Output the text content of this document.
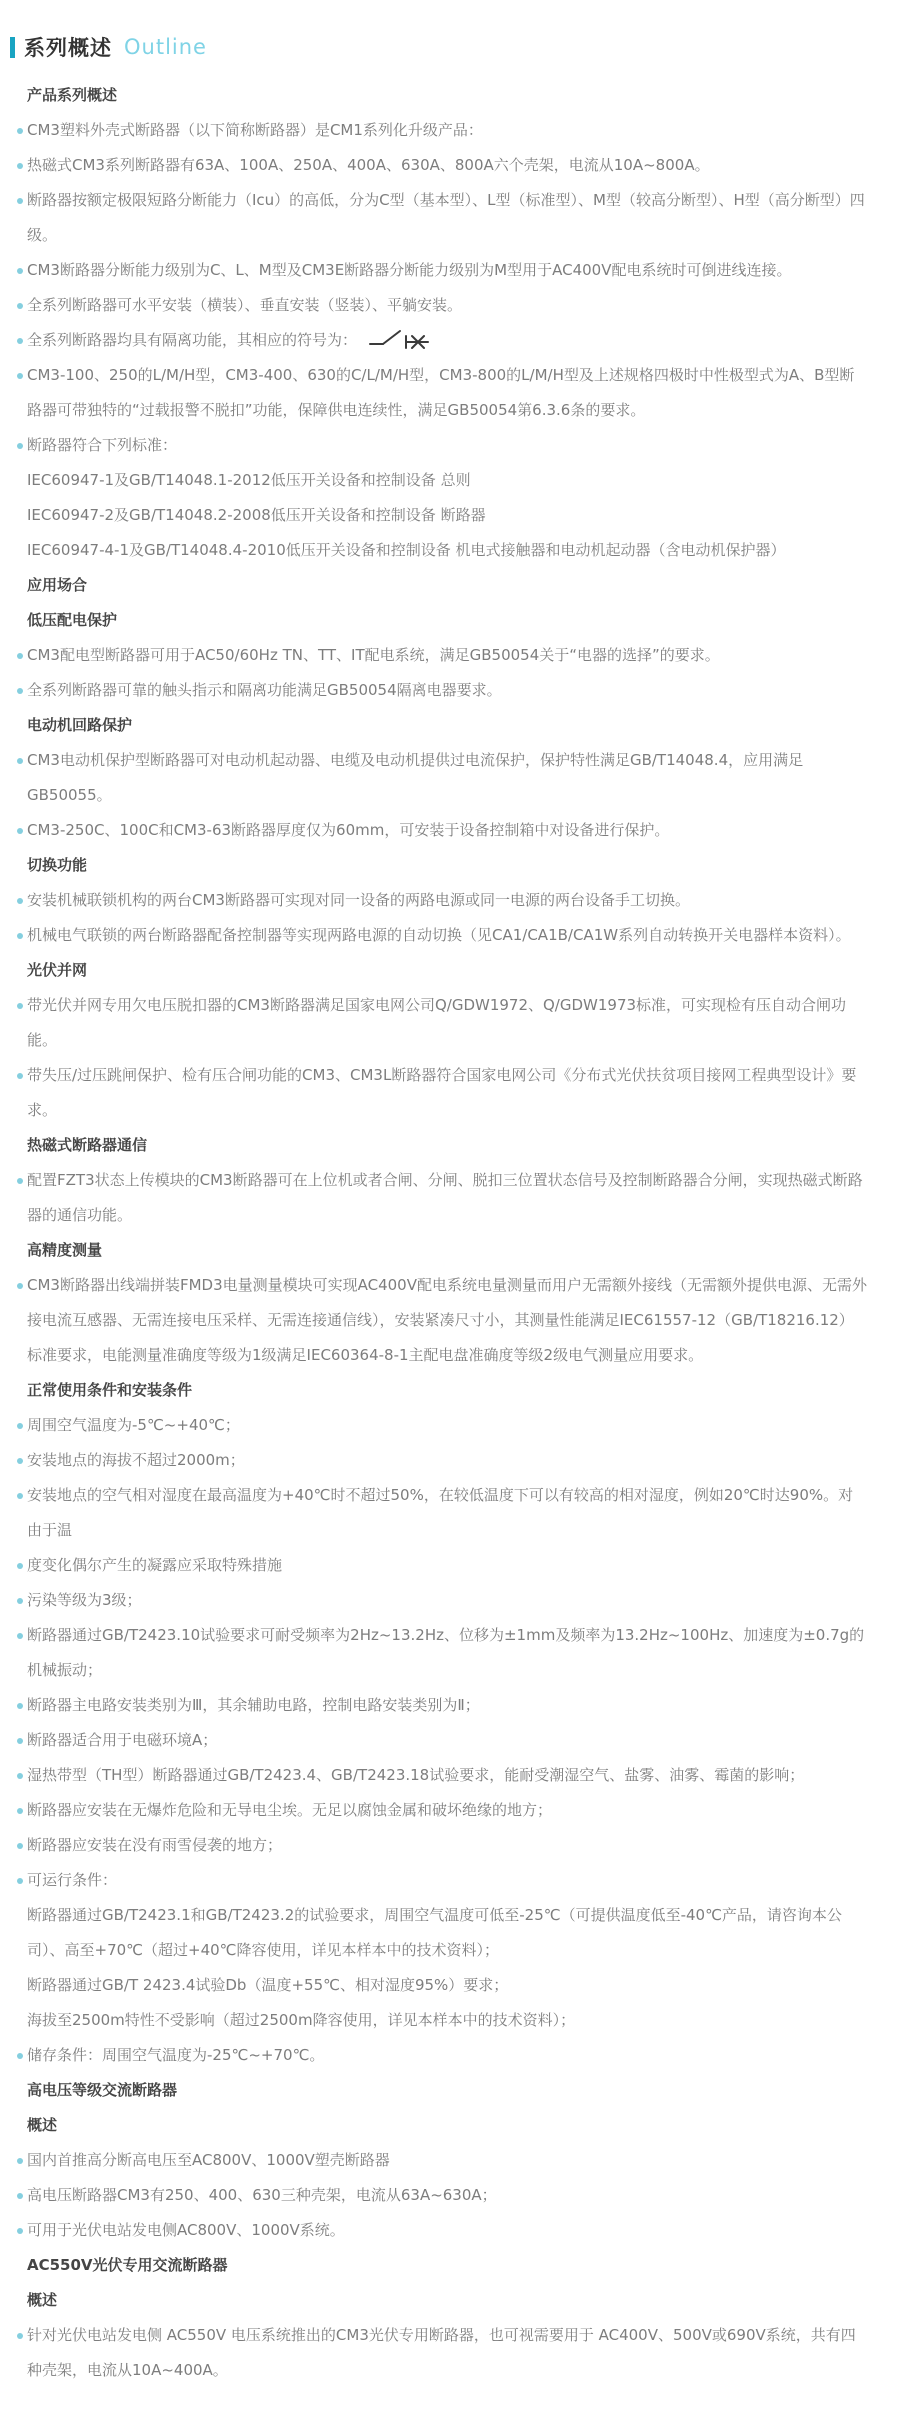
系列概述 Outline
产品系列概述

CM3塑料外壳式断路器（以下简称断路器）是CM1系列化升级产品：

热磁式CM3系列断路器有63A、100A、250A、400A、630A、800A六个壳架，电流从10A~800A。

断路器按额定极限短路分断能力（Icu）的高低，分为C型（基本型）、L型（标准型）、M型（较高分断型）、H型（高分断型）四级。

CM3断路器分断能力级别为C、L、M型及CM3E断路器分断能力级别为M型用于AC400V配电系统时可倒进线连接。

全系列断路器可水平安装（横装）、垂直安装（竖装）、平躺安装。

全系列断路器均具有隔离功能，其相应的符号为：

CM3-100、250的L/M/H型，CM3-400、630的C/L/M/H型，CM3-800的L/M/H型及上述规格四极时中性极型式为A、B型断路器可带独特的“过载报警不脱扣”功能，保障供电连续性，满足GB50054第6.3.6条的要求。

断路器符合下列标准：

IEC60947-1及GB/T14048.1-2012低压开关设备和控制设备 总则

IEC60947-2及GB/T14048.2-2008低压开关设备和控制设备 断路器

IEC60947-4-1及GB/T14048.4-2010低压开关设备和控制设备 机电式接触器和电动机起动器（含电动机保护器）

应用场合
低压配电保护

CM3配电型断路器可用于AC50/60Hz TN、TT、IT配电系统，满足GB50054关于“电器的选择”的要求。

全系列断路器可靠的触头指示和隔离功能满足GB50054隔离电器要求。

电动机回路保护

CM3电动机保护型断路器可对电动机起动器、电缆及电动机提供过电流保护，保护特性满足GB/T14048.4，应用满足GB50055。

CM3-250C、100C和CM3-63断路器厚度仅为60mm，可安装于设备控制箱中对设备进行保护。

切换功能

安装机械联锁机构的两台CM3断路器可实现对同一设备的两路电源或同一电源的两台设备手工切换。

机械电气联锁的两台断路器配备控制器等实现两路电源的自动切换（见CA1/CA1B/CA1W系列自动转换开关电器样本资料）。

光伏并网

带光伏并网专用欠电压脱扣器的CM3断路器满足国家电网公司Q/GDW1972、Q/GDW1973标准，可实现检有压自动合闸功能。

带失压/过压跳闸保护、检有压合闸功能的CM3、CM3L断路器符合国家电网公司《分布式光伏扶贫项目接网工程典型设计》要求。

热磁式断路器通信

配置FZT3状态上传模块的CM3断路器可在上位机或者合闸、分闸、脱扣三位置状态信号及控制断路器合分闸，实现热磁式断路器的通信功能。

高精度测量

CM3断路器出线端拼装FMD3电量测量模块可实现AC400V配电系统电量测量而用户无需额外接线（无需额外提供电源、无需外接电流互感器、无需连接电压采样、无需连接通信线），安装紧凑尺寸小，其测量性能满足IEC61557-12（GB/T18216.12）标准要求，电能测量准确度等级为1级满足IEC60364-8-1主配电盘准确度等级2级电气测量应用要求。

正常使用条件和安装条件

周围空气温度为-5℃~+40℃；

安装地点的海拔不超过2000m；

安装地点的空气相对湿度在最高温度为+40℃时不超过50%，在较低温度下可以有较高的相对湿度，例如20℃时达90%。对由于温

度变化偶尔产生的凝露应采取特殊措施

污染等级为3级；

断路器通过GB/T2423.10试验要求可耐受频率为2Hz~13.2Hz、位移为±1mm及频率为13.2Hz~100Hz、加速度为±0.7g的机械振动；

断路器主电路安装类别为Ⅲ，其余辅助电路，控制电路安装类别为Ⅱ；

断路器适合用于电磁环境A；

湿热带型（TH型）断路器通过GB/T2423.4、GB/T2423.18试验要求，能耐受潮湿空气、盐雾、油雾、霉菌的影响；

断路器应安装在无爆炸危险和无导电尘埃。无足以腐蚀金属和破坏绝缘的地方；

断路器应安装在没有雨雪侵袭的地方；

可运行条件：

断路器通过GB/T2423.1和GB/T2423.2的试验要求，周围空气温度可低至-25℃（可提供温度低至-40℃产品，请咨询本公司）、高至+70℃（超过+40℃降容使用，详见本样本中的技术资料）；

断路器通过GB/T 2423.4试验Db（温度+55℃、相对湿度95%）要求；

海拔至2500m特性不受影响（超过2500m降容使用，详见本样本中的技术资料）；

储存条件：周围空气温度为-25℃~+70℃。

高电压等级交流断路器
概述

国内首推高分断高电压至AC800V、1000V塑壳断路器

高电压断路器CM3有250、400、630三种壳架，电流从63A~630A；

可用于光伏电站发电侧AC800V、1000V系统。

AC550V光伏专用交流断路器
概述

针对光伏电站发电侧 AC550V 电压系统推出的CM3光伏专用断路器，也可视需要用于 AC400V、500V或690V系统，共有四种壳架，电流从10A~400A。
